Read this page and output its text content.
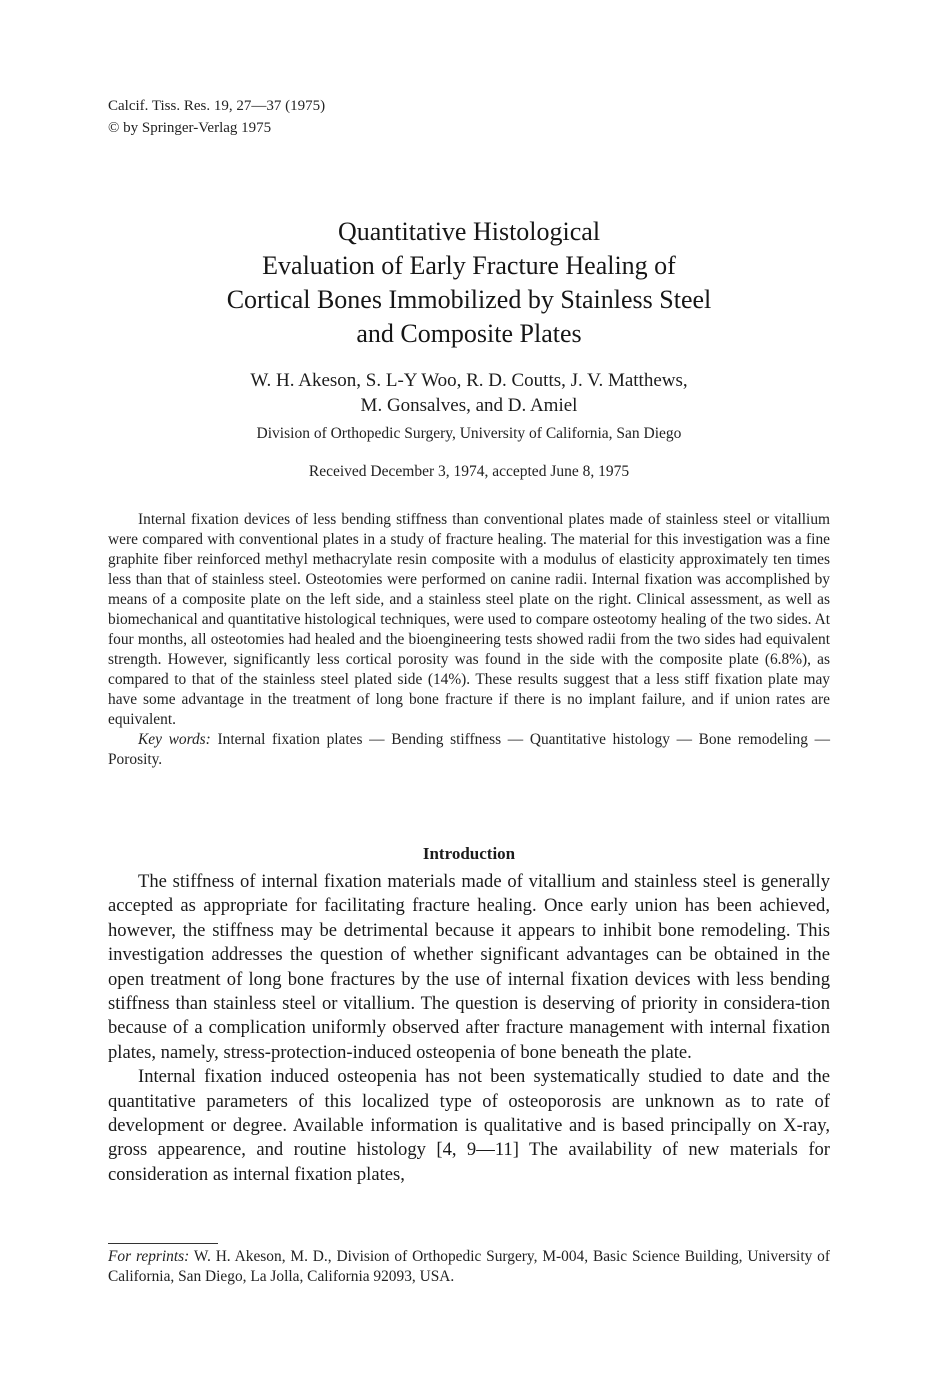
Calcif. Tiss. Res. 19, 27—37 (1975)
© by Springer-Verlag 1975
Quantitative Histological
Evaluation of Early Fracture Healing of
Cortical Bones Immobilized by Stainless Steel
and Composite Plates
W. H. Akeson, S. L-Y Woo, R. D. Coutts, J. V. Matthews,
M. Gonsalves, and D. Amiel
Division of Orthopedic Surgery, University of California, San Diego
Received December 3, 1974, accepted June 8, 1975

Internal fixation devices of less bending stiffness than conventional plates made of stainless steel or vitallium were compared with conventional plates in a study of fracture healing. The material for this investigation was a fine graphite fiber reinforced methyl methacrylate resin composite with a modulus of elasticity approximately ten times less than that of stainless steel. Osteotomies were performed on canine radii. Internal fixation was accomplished by means of a composite plate on the left side, and a stainless steel plate on the right. Clinical assessment, as well as biomechanical and quantitative histological techniques, were used to compare osteotomy healing of the two sides. At four months, all osteotomies had healed and the bioengineering tests showed radii from the two sides had equivalent strength. However, significantly less cortical porosity was found in the side with the composite plate (6.8%), as compared to that of the stainless steel plated side (14%). These results suggest that a less stiff fixation plate may have some advantage in the treatment of long bone fracture if there is no implant failure, and if union rates are equivalent.

Key words: Internal fixation plates — Bending stiffness — Quantitative histology — Bone remodeling — Porosity.

Introduction

The stiffness of internal fixation materials made of vitallium and stainless steel is generally accepted as appropriate for facilitating fracture healing. Once early union has been achieved, however, the stiffness may be detrimental because it appears to inhibit bone remodeling. This investigation addresses the question of whether significant advantages can be obtained in the open treatment of long bone fractures by the use of internal fixation devices with less bending stiffness than stainless steel or vitallium. The question is deserving of priority in considera-tion because of a complication uniformly observed after fracture management with internal fixation plates, namely, stress-protection-induced osteopenia of bone beneath the plate.

Internal fixation induced osteopenia has not been systematically studied to date and the quantitative parameters of this localized type of osteoporosis are unknown as to rate of development or degree. Available information is qualitative and is based principally on X-ray, gross appearence, and routine histology [4, 9—11] The availability of new materials for consideration as internal fixation plates,

For reprints: W. H. Akeson, M. D., Division of Orthopedic Surgery, M-004, Basic Science Building, University of California, San Diego, La Jolla, California 92093, USA.
